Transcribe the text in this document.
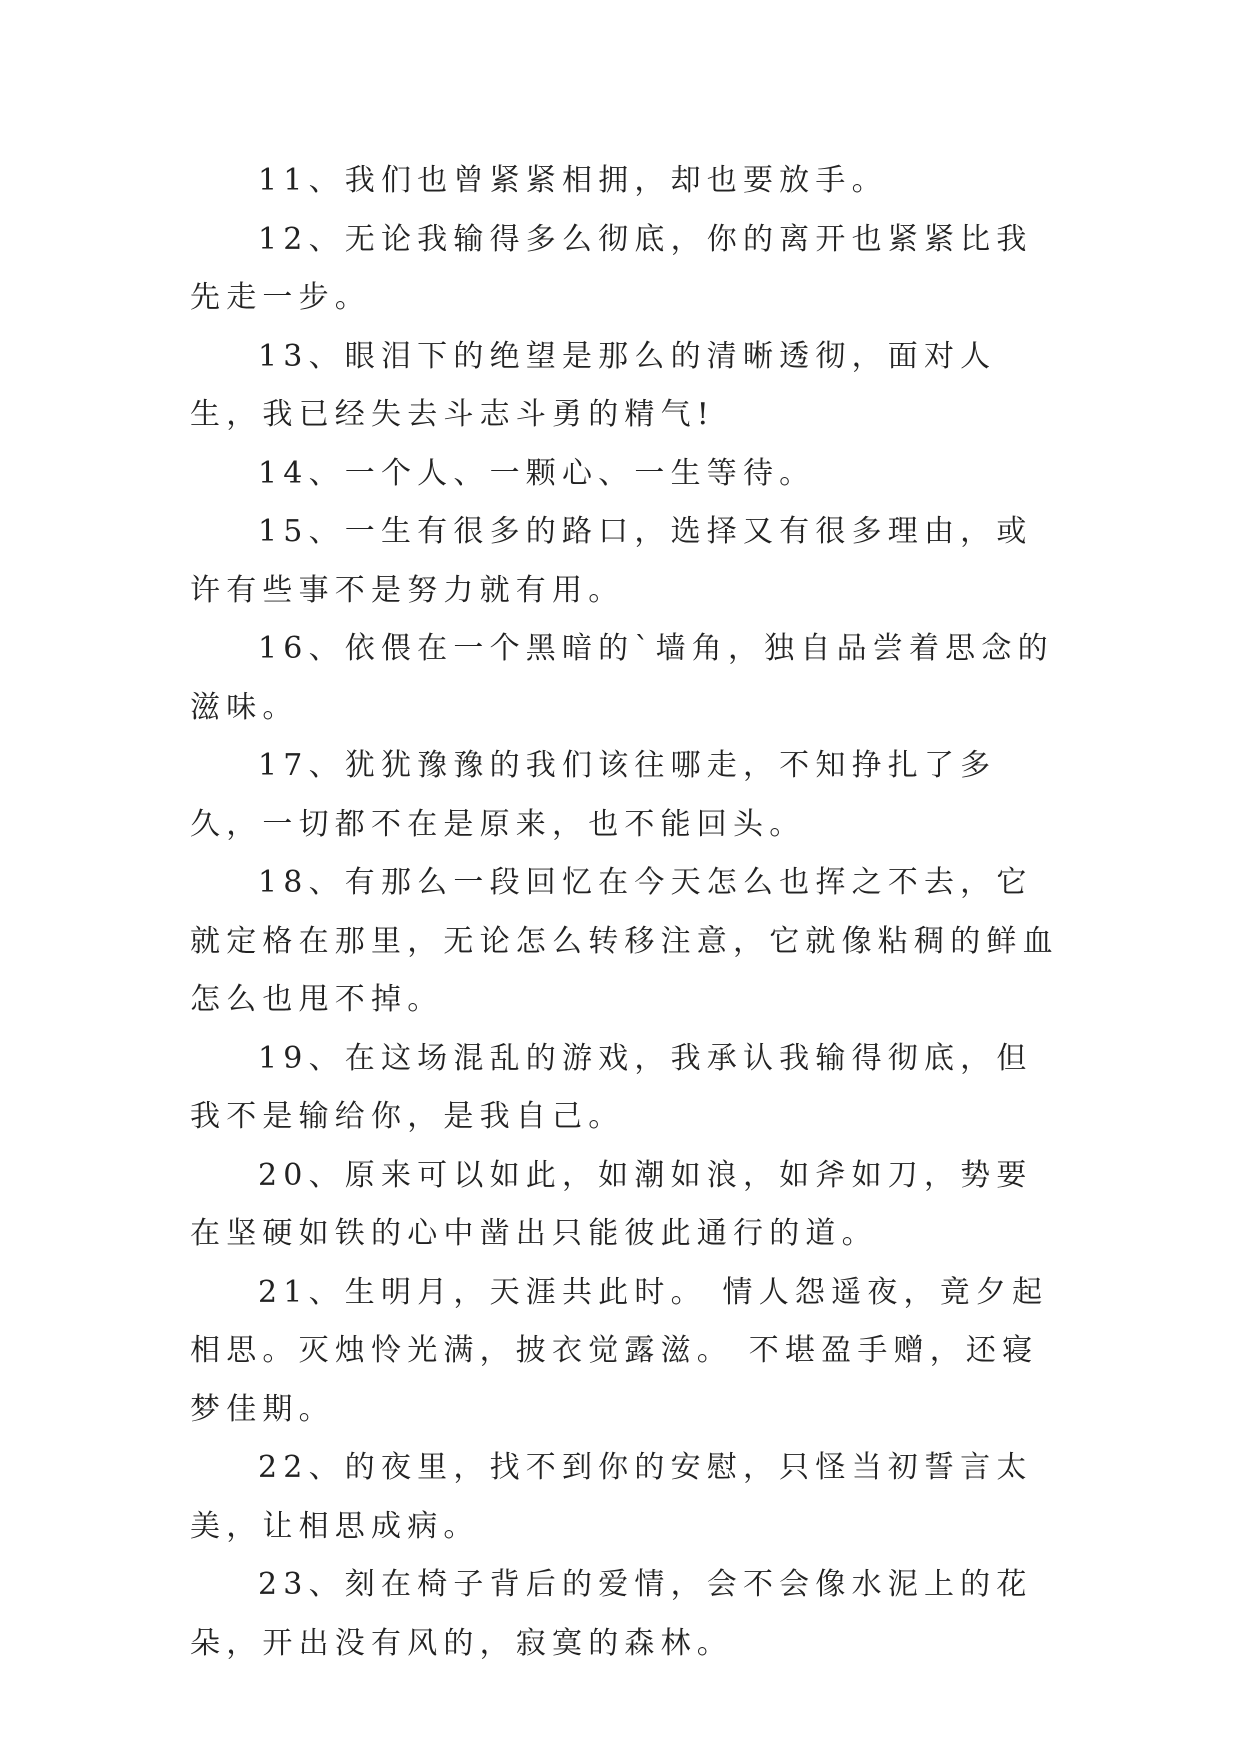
11、我们也曾紧紧相拥，却也要放手。

12、无论我输得多么彻底，你的离开也紧紧比我先走一步。

13、眼泪下的绝望是那么的清晰透彻，面对人生，我已经失去斗志斗勇的精气!

14、一个人、一颗心、一生等待。

15、一生有很多的路口，选择又有很多理由，或许有些事不是努力就有用。

16、依偎在一个黑暗的`墙角，独自品尝着思念的滋味。

17、犹犹豫豫的我们该往哪走，不知挣扎了多久，一切都不在是原来，也不能回头。

18、有那么一段回忆在今天怎么也挥之不去，它就定格在那里，无论怎么转移注意，它就像粘稠的鲜血怎么也甩不掉。

19、在这场混乱的游戏，我承认我输得彻底，但我不是输给你，是我自己。

20、原来可以如此，如潮如浪，如斧如刀，势要在坚硬如铁的心中凿出只能彼此通行的道。

21、生明月，天涯共此时。 情人怨遥夜，竟夕起相思。灭烛怜光满，披衣觉露滋。 不堪盈手赠，还寝梦佳期。

22、的夜里，找不到你的安慰，只怪当初誓言太美，让相思成病。

23、刻在椅子背后的爱情，会不会像水泥上的花朵，开出没有风的，寂寞的森林。
